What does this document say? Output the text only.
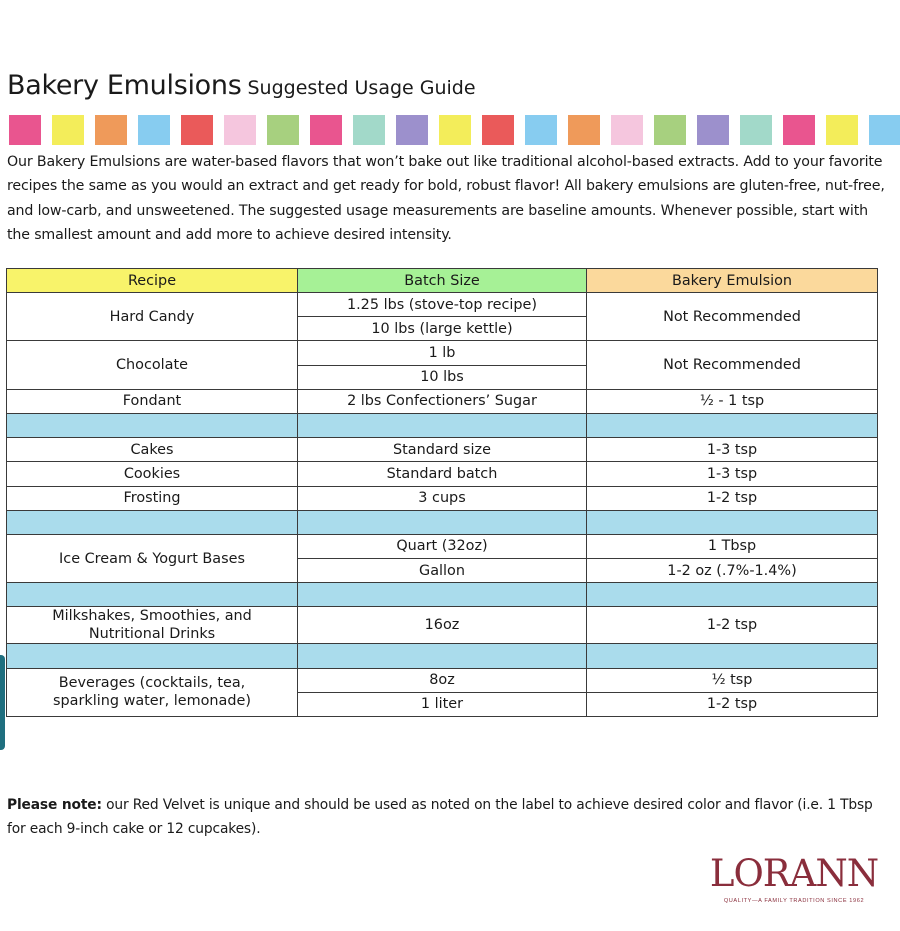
Bakery Emulsions Suggested Usage Guide
Our Bakery Emulsions are water-based flavors that won’t bake out like traditional alcohol-based extracts. Add to your favorite recipes the same as you would an extract and get ready for bold, robust flavor! All bakery emulsions are gluten-free, nut-free, and low-carb, and unsweetened. The suggested usage measurements are baseline amounts. Whenever possible, start with the smallest amount and add more to achieve desired intensity.
Recipe	Batch Size	Bakery Emulsion
Hard Candy	1.25 lbs (stove-top recipe)	Not Recommended
	10 lbs (large kettle)	
Chocolate	1 lb	Not Recommended
	10 lbs	
Fondant	2 lbs Confectioners’ Sugar	½ - 1 tsp

Cakes	Standard size	1-3 tsp
Cookies	Standard batch	1-3 tsp
Frosting	3 cups	1-2 tsp

Ice Cream & Yogurt Bases	Quart (32oz)	1 Tbsp
	Gallon	1-2 oz (.7%-1.4%)

Milkshakes, Smoothies, and
Nutritional Drinks	16oz	1-2 tsp

Beverages (cocktails, tea,
sparkling water, lemonade)	8oz	½ tsp
	1 liter	1-2 tsp
Please note: our Red Velvet is unique and should be used as noted on the label to achieve desired color and flavor (i.e. 1 Tbsp for each 9-inch cake or 12 cupcakes).
LORANN
QUALITY—A FAMILY TRADITION SINCE 1962
